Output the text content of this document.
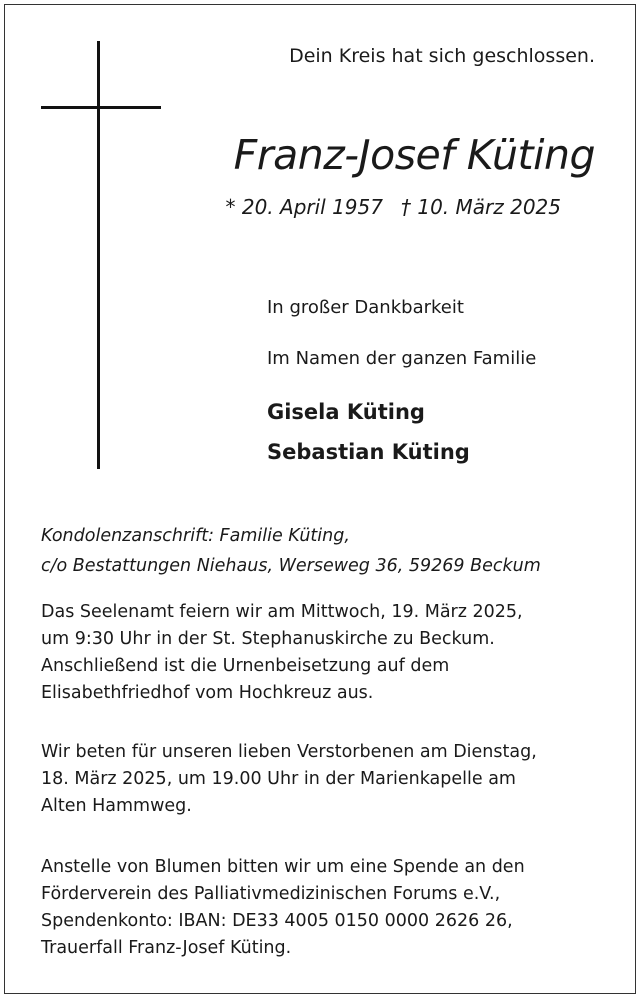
Dein Kreis hat sich geschlossen.
Franz-Josef Küting
* 20. April 1957 † 10. März 2025
In großer Dankbarkeit
Im Namen der ganzen Familie
Gisela Küting
Sebastian Küting
Kondolenzanschrift: Familie Küting,
c/o Bestattungen Niehaus, Werseweg 36, 59269 Beckum
Das Seelenamt feiern wir am Mittwoch, 19. März 2025,
um 9:30 Uhr in der St. Stephanuskirche zu Beckum.
Anschließend ist die Urnenbeisetzung auf dem
Elisabethfriedhof vom Hochkreuz aus.
Wir beten für unseren lieben Verstorbenen am Dienstag,
18. März 2025, um 19.00 Uhr in der Marienkapelle am
Alten Hammweg.
Anstelle von Blumen bitten wir um eine Spende an den
Förderverein des Palliativmedizinischen Forums e.V.,
Spendenkonto: IBAN: DE33 4005 0150 0000 2626 26,
Trauerfall Franz-Josef Küting.
